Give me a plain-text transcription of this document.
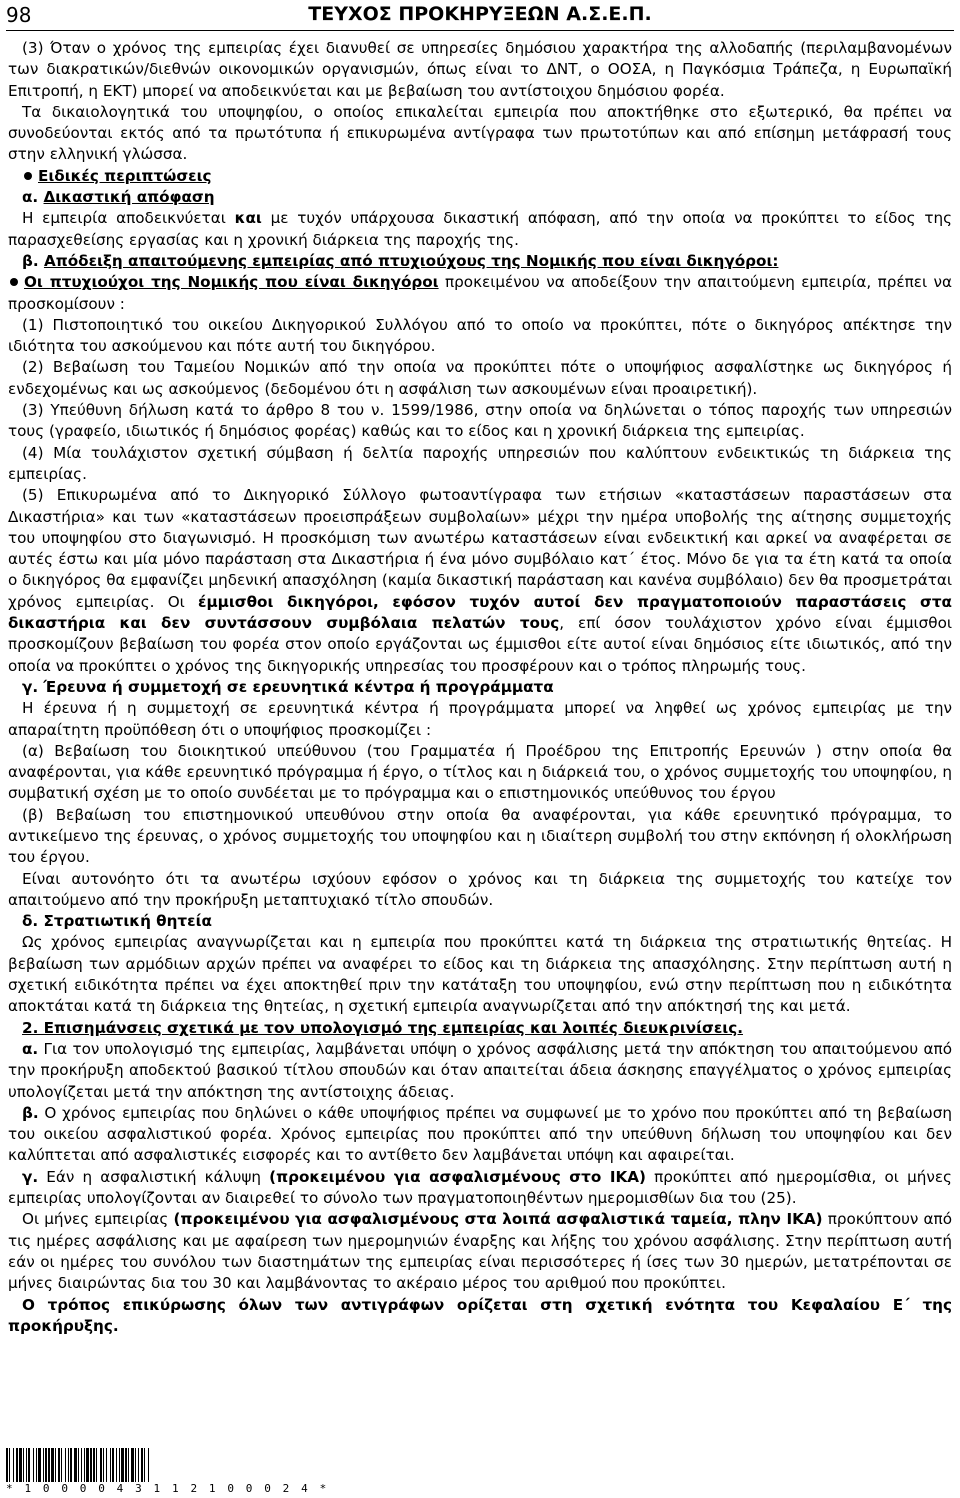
98	ΤΕΥΧΟΣ ΠΡΟΚΗΡΥΞΕΩΝ Α.Σ.Ε.Π.

(3) Όταν ο χρόνος της εμπειρίας έχει διανυθεί σε υπηρεσίες δημόσιου χαρακτήρα της αλλοδαπής (περιλαμβανομένων των διακρατικών/διεθνών οικονομικών οργανισμών, όπως είναι το ΔΝΤ, ο ΟΟΣΑ, η Παγκόσμια Τράπεζα, η Ευρωπαϊκή Επιτροπή, η ΕΚΤ) μπορεί να αποδεικνύεται και με βεβαίωση του αντίστοιχου δημόσιου φορέα.

Τα δικαιολογητικά του υποψηφίου, ο οποίος επικαλείται εμπειρία που αποκτήθηκε στο εξωτερικό, θα πρέπει να συνοδεύονται εκτός από τα πρωτότυπα ή επικυρωμένα αντίγραφα των πρωτοτύπων και από επίσημη μετάφρασή τους στην ελληνική γλώσσα.

Ειδικές περιπτώσεις

α. Δικαστική απόφαση

Η εμπειρία αποδεικνύεται και με τυχόν υπάρχουσα δικαστική απόφαση, από την οποία να προκύπτει το είδος της παρασχεθείσης εργασίας και η χρονική διάρκεια της παροχής της.

β. Απόδειξη απαιτούμενης εμπειρίας από πτυχιούχους της Νομικής που είναι δικηγόροι:

Οι πτυχιούχοι της Νομικής που είναι δικηγόροι προκειμένου να αποδείξουν την απαιτούμενη εμπειρία, πρέπει να προσκομίσουν :

(1) Πιστοποιητικό του οικείου Δικηγορικού Συλλόγου από το οποίο να προκύπτει, πότε ο δικηγόρος απέκτησε την ιδιότητα του ασκούμενου και πότε αυτή του δικηγόρου.

(2) Βεβαίωση του Ταμείου Νομικών από την οποία να προκύπτει πότε ο υποψήφιος ασφαλίστηκε ως δικηγόρος ή ενδεχομένως και ως ασκούμενος (δεδομένου ότι η ασφάλιση των ασκουμένων είναι προαιρετική).

(3) Υπεύθυνη δήλωση κατά το άρθρο 8 του ν. 1599/1986, στην οποία να δηλώνεται ο τόπος παροχής των υπηρεσιών τους (γραφείο, ιδιωτικός ή δημόσιος φορέας) καθώς και το είδος και η χρονική διάρκεια της εμπειρίας.

(4) Μία τουλάχιστον σχετική σύμβαση ή δελτία παροχής υπηρεσιών που καλύπτουν ενδεικτικώς τη διάρκεια της εμπειρίας.

(5) Επικυρωμένα από το Δικηγορικό Σύλλογο φωτοαντίγραφα των ετήσιων «καταστάσεων παραστάσεων στα Δικαστήρια» και των «καταστάσεων προεισπράξεων συμβολαίων» μέχρι την ημέρα υποβολής της αίτησης συμμετοχής του υποψηφίου στο διαγωνισμό. Η προσκόμιση των ανωτέρω καταστάσεων είναι ενδεικτική και αρκεί να αναφέρεται σε αυτές έστω και μία μόνο παράσταση στα Δικαστήρια ή ένα μόνο συμβόλαιο κατ΄ έτος. Μόνο δε για τα έτη κατά τα οποία ο δικηγόρος θα εμφανίζει μηδενική απασχόληση (καμία δικαστική παράσταση και κανένα συμβόλαιο) δεν θα προσμετράται χρόνος εμπειρίας. Οι έμμισθοι δικηγόροι, εφόσον τυχόν αυτοί δεν πραγματοποιούν παραστάσεις στα δικαστήρια και δεν συντάσσουν συμβόλαια πελατών τους, επί όσον τουλάχιστον χρόνο είναι έμμισθοι προσκομίζουν βεβαίωση του φορέα στον οποίο εργάζονται ως έμμισθοι είτε αυτοί είναι δημόσιος είτε ιδιωτικός, από την οποία να προκύπτει ο χρόνος της δικηγορικής υπηρεσίας του προσφέρουν και ο τρόπος πληρωμής τους.

γ. Έρευνα ή συμμετοχή σε ερευνητικά κέντρα ή προγράμματα

Η έρευνα ή η συμμετοχή σε ερευνητικά κέντρα ή προγράμματα μπορεί να ληφθεί ως χρόνος εμπειρίας με την απαραίτητη προϋπόθεση ότι ο υποψήφιος προσκομίζει :

(α) Βεβαίωση του διοικητικού υπεύθυνου (του Γραμματέα ή Προέδρου της Επιτροπής Ερευνών ) στην οποία θα αναφέρονται, για κάθε ερευνητικό πρόγραμμα ή έργο, ο τίτλος και η διάρκειά του, ο χρόνος συμμετοχής του υποψηφίου, η συμβατική σχέση με το οποίο συνδέεται με το πρόγραμμα και ο επιστημονικός υπεύθυνος του έργου

(β) Βεβαίωση του επιστημονικού υπευθύνου στην οποία θα αναφέρονται, για κάθε ερευνητικό πρόγραμμα, το αντικείμενο της έρευνας, ο χρόνος συμμετοχής του υποψηφίου και η ιδιαίτερη συμβολή του στην εκπόνηση ή ολοκλήρωση του έργου.

Είναι αυτονόητο ότι τα ανωτέρω ισχύουν εφόσον ο χρόνος και τη διάρκεια της συμμετοχής του κατείχε τον απαιτούμενο από την προκήρυξη μεταπτυχιακό τίτλο σπουδών.

δ. Στρατιωτική θητεία

Ως χρόνος εμπειρίας αναγνωρίζεται και η εμπειρία που προκύπτει κατά τη διάρκεια της στρατιωτικής θητείας. Η βεβαίωση των αρμόδιων αρχών πρέπει να αναφέρει το είδος και τη διάρκεια της απασχόλησης. Στην περίπτωση αυτή η σχετική ειδικότητα πρέπει να έχει αποκτηθεί πριν την κατάταξη του υποψηφίου, ενώ στην περίπτωση που η ειδικότητα αποκτάται κατά τη διάρκεια της θητείας, η σχετική εμπειρία αναγνωρίζεται από την απόκτησή της και μετά.

2. Επισημάνσεις σχετικά με τον υπολογισμό της εμπειρίας και λοιπές διευκρινίσεις.

α. Για τον υπολογισμό της εμπειρίας, λαμβάνεται υπόψη ο χρόνος ασφάλισης μετά την απόκτηση του απαιτούμενου από την προκήρυξη αποδεκτού βασικού τίτλου σπουδών και όταν απαιτείται άδεια άσκησης επαγγέλματος ο χρόνος εμπειρίας υπολογίζεται μετά την απόκτηση της αντίστοιχης άδειας.

β. Ο χρόνος εμπειρίας που δηλώνει ο κάθε υποψήφιος πρέπει να συμφωνεί με το χρόνο που προκύπτει από τη βεβαίωση του οικείου ασφαλιστικού φορέα. Χρόνος εμπειρίας που προκύπτει από την υπεύθυνη δήλωση του υποψηφίου και δεν καλύπτεται από ασφαλιστικές εισφορές και το αντίθετο δεν λαμβάνεται υπόψη και αφαιρείται.

γ. Εάν η ασφαλιστική κάλυψη (προκειμένου για ασφαλισμένους στο ΙΚΑ) προκύπτει από ημερομίσθια, οι μήνες εμπειρίας υπολογίζονται αν διαιρεθεί το σύνολο των πραγματοποιηθέντων ημερομισθίων δια του (25).

Οι μήνες εμπειρίας (προκειμένου για ασφαλισμένους στα λοιπά ασφαλιστικά ταμεία, πλην ΙΚΑ) προκύπτουν από τις ημέρες ασφάλισης και με αφαίρεση των ημερομηνιών έναρξης και λήξης του χρόνου ασφάλισης. Στην περίπτωση αυτή εάν οι ημέρες του συνόλου των διαστημάτων της εμπειρίας είναι περισσότερες ή ίσες των 30 ημερών, μετατρέπονται σε μήνες διαιρώντας δια του 30 και λαμβάνοντας το ακέραιο μέρος του αριθμού που προκύπτει.

Ο τρόπος επικύρωσης όλων των αντιγράφων ορίζεται στη σχετική ενότητα του Κεφαλαίου Ε΄ της προκήρυξης.

* 1 0 0 0 0 4 3 1 1 2 1 0 0 0 2 4 *
